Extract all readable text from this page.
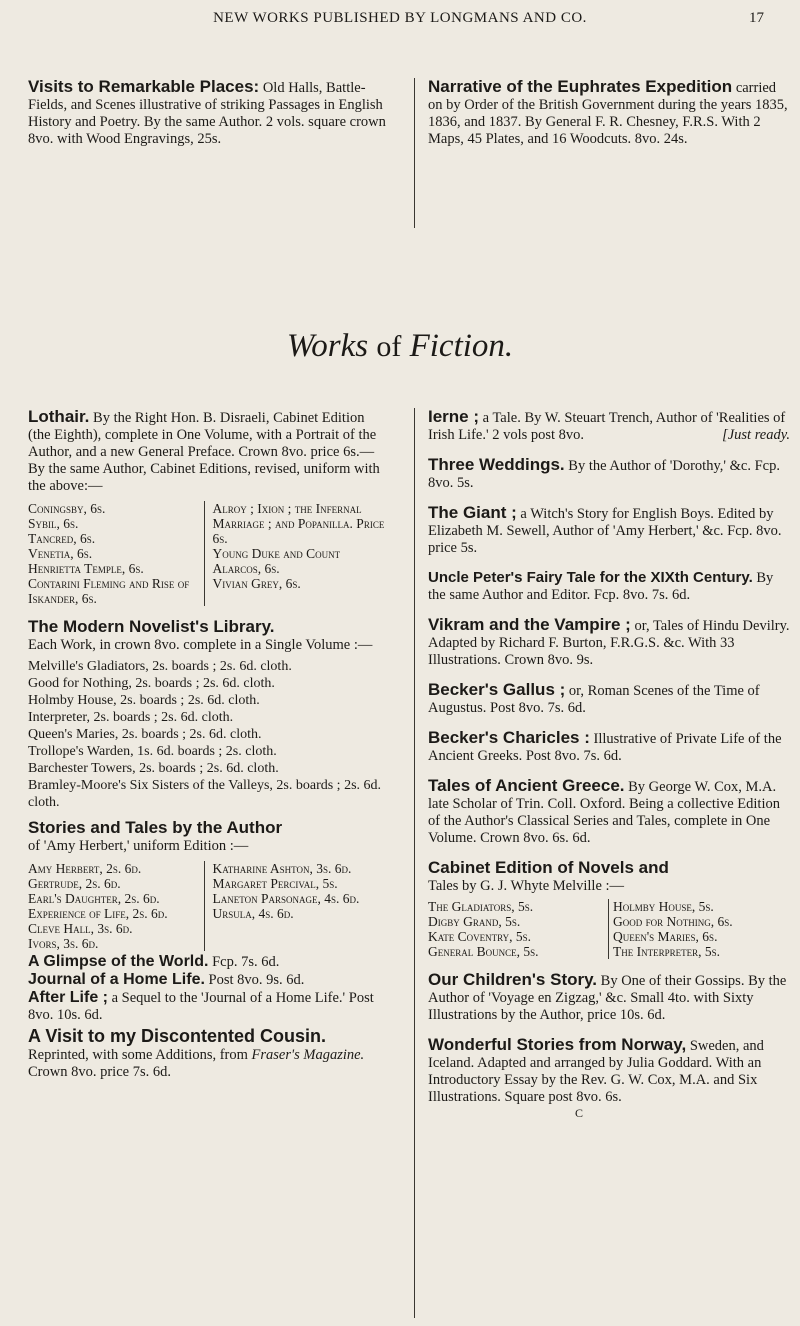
NEW WORKS PUBLISHED BY LONGMANS AND CO.	17
Visits to Remarkable Places: Old Halls, Battle-Fields, and Scenes illustrative of striking Passages in English History and Poetry. By the same Author. 2 vols. square crown 8vo. with Wood Engravings, 25s.
Narrative of the Euphrates Expedition carried on by Order of the British Government during the years 1835, 1836, and 1837. By General F. R. Chesney, F.R.S. With 2 Maps, 45 Plates, and 16 Woodcuts. 8vo. 24s.
Works of Fiction.
Lothair. By the Right Hon. B. Disraeli, Cabinet Edition (the Eighth), complete in One Volume, with a Portrait of the Author, and a new General Preface. Crown 8vo. price 6s.—By the same Author, Cabinet Editions, revised, uniform with the above:—
Coningsby, 6s.
Sybil, 6s.
Tancred, 6s.
Venetia, 6s.
Henrietta Temple, 6s.
Contarini Fleming and Rise of Iskander, 6s.
Alroy ; Ixion ; the Infernal Marriage ; and Popanilla. Price 6s.
Young Duke and Count Alarcos, 6s.
Vivian Grey, 6s.
The Modern Novelist's Library.
Each Work, in crown 8vo. complete in a Single Volume :—
Melville's Gladiators, 2s. boards ; 2s. 6d. cloth.
Good for Nothing, 2s. boards ; 2s. 6d. cloth.
Holmby House, 2s. boards ; 2s. 6d. cloth.
Interpreter, 2s. boards ; 2s. 6d. cloth.
Queen's Maries, 2s. boards ; 2s. 6d. cloth.
Trollope's Warden, 1s. 6d. boards ; 2s. cloth.
Barchester Towers, 2s. boards ; 2s. 6d. cloth.
Bramley-Moore's Six Sisters of the Valleys, 2s. boards ; 2s. 6d. cloth.
Stories and Tales by the Author
of 'Amy Herbert,' uniform Edition :—
Amy Herbert, 2s. 6d.
Gertrude, 2s. 6d.
Earl's Daughter, 2s. 6d.
Experience of Life, 2s. 6d.
Cleve Hall, 3s. 6d.
Ivors, 3s. 6d.
Katharine Ashton, 3s. 6d.
Margaret Percival, 5s.
Laneton Parsonage, 4s. 6d.
Ursula, 4s. 6d.

A Glimpse of the World. Fcp. 7s. 6d.

Journal of a Home Life. Post 8vo. 9s. 6d.

After Life ; a Sequel to the 'Journal of a Home Life.' Post 8vo. 10s. 6d.

A Visit to my Discontented Cousin. Reprinted, with some Additions, from Fraser's Magazine. Crown 8vo. price 7s. 6d.

Ierne ; a Tale. By W. Steuart Trench, Author of 'Realities of Irish Life.' 2 vols post 8vo.	[Just ready.
Three Weddings. By the Author of 'Dorothy,' &c. Fcp. 8vo. 5s.
The Giant ; a Witch's Story for English Boys. Edited by Elizabeth M. Sewell, Author of 'Amy Herbert,' &c. Fcp. 8vo. price 5s.
Uncle Peter's Fairy Tale for the XIXth Century. By the same Author and Editor. Fcp. 8vo. 7s. 6d.
Vikram and the Vampire ; or, Tales of Hindu Devilry. Adapted by Richard F. Burton, F.R.G.S. &c. With 33 Illustrations. Crown 8vo. 9s.
Becker's Gallus ; or, Roman Scenes of the Time of Augustus. Post 8vo. 7s. 6d.
Becker's Charicles : Illustrative of Private Life of the Ancient Greeks. Post 8vo. 7s. 6d.
Tales of Ancient Greece. By George W. Cox, M.A. late Scholar of Trin. Coll. Oxford. Being a collective Edition of the Author's Classical Series and Tales, complete in One Volume. Crown 8vo. 6s. 6d.
Cabinet Edition of Novels and
Tales by G. J. Whyte Melville :—
The Gladiators, 5s.	Holmby House, 5s.
Digby Grand, 5s.	Good for Nothing, 6s.
Kate Coventry, 5s.	Queen's Maries, 6s.
General Bounce, 5s.	The Interpreter, 5s.
Our Children's Story. By One of their Gossips. By the Author of 'Voyage en Zigzag,' &c. Small 4to. with Sixty Illustrations by the Author, price 10s. 6d.
Wonderful Stories from Norway, Sweden, and Iceland. Adapted and arranged by Julia Goddard. With an Introductory Essay by the Rev. G. W. Cox, M.A. and Six Illustrations. Square post 8vo. 6s.
C
